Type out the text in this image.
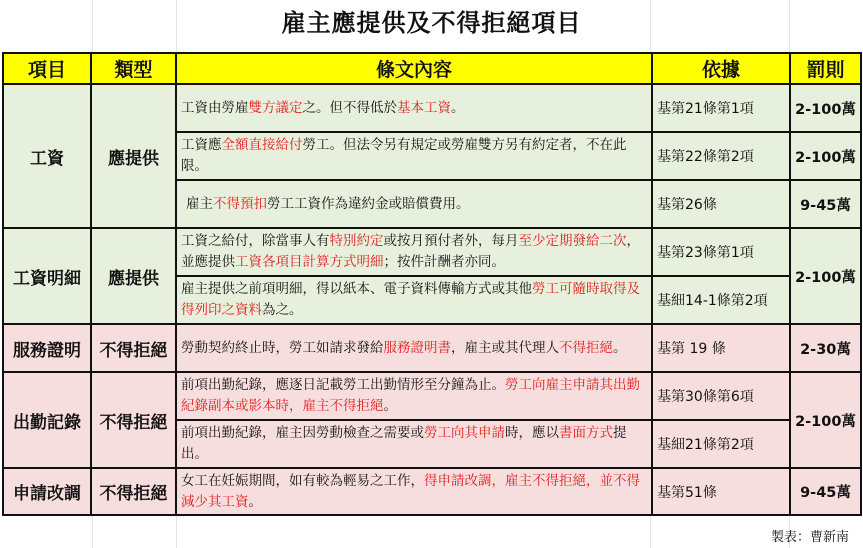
雇主應提供及不得拒絕項目
項目	類型	條文內容	依據	罰則
工資	應提供	工資由勞雇雙方議定之。但不得低於基本工資。	基第21條第1項	2-100萬
		工資應全額直接給付勞工。但法令另有規定或勞雇雙方另有約定者，不在此限。	基第22條第2項	2-100萬
		雇主不得預扣勞工工資作為違約金或賠償費用。	基第26條	9-45萬
工資明細	應提供	工資之給付，除當事人有特別約定或按月預付者外，每月至少定期發給二次，並應提供工資各項目計算方式明細；按件計酬者亦同。	基第23條第1項	2-100萬
		雇主提供之前項明細，得以紙本、電子資料傳輸方式或其他勞工可隨時取得及得列印之資料為之。	基細14-1條第2項	
服務證明	不得拒絕	勞動契約終止時，勞工如請求發給服務證明書，雇主或其代理人不得拒絕。	基第 19 條	2-30萬
出勤記錄	不得拒絕	前項出勤紀錄，應逐日記載勞工出勤情形至分鐘為止。勞工向雇主申請其出勤紀錄副本或影本時，雇主不得拒絕。	基第30條第6項	2-100萬
		前項出勤紀錄，雇主因勞動檢查之需要或勞工向其申請時，應以書面方式提出。	基細21條第2項	
申請改調	不得拒絕	女工在妊娠期間，如有較為輕易之工作，得申請改調，雇主不得拒絕，並不得減少其工資。	基第51條	9-45萬
製表：曹新南
